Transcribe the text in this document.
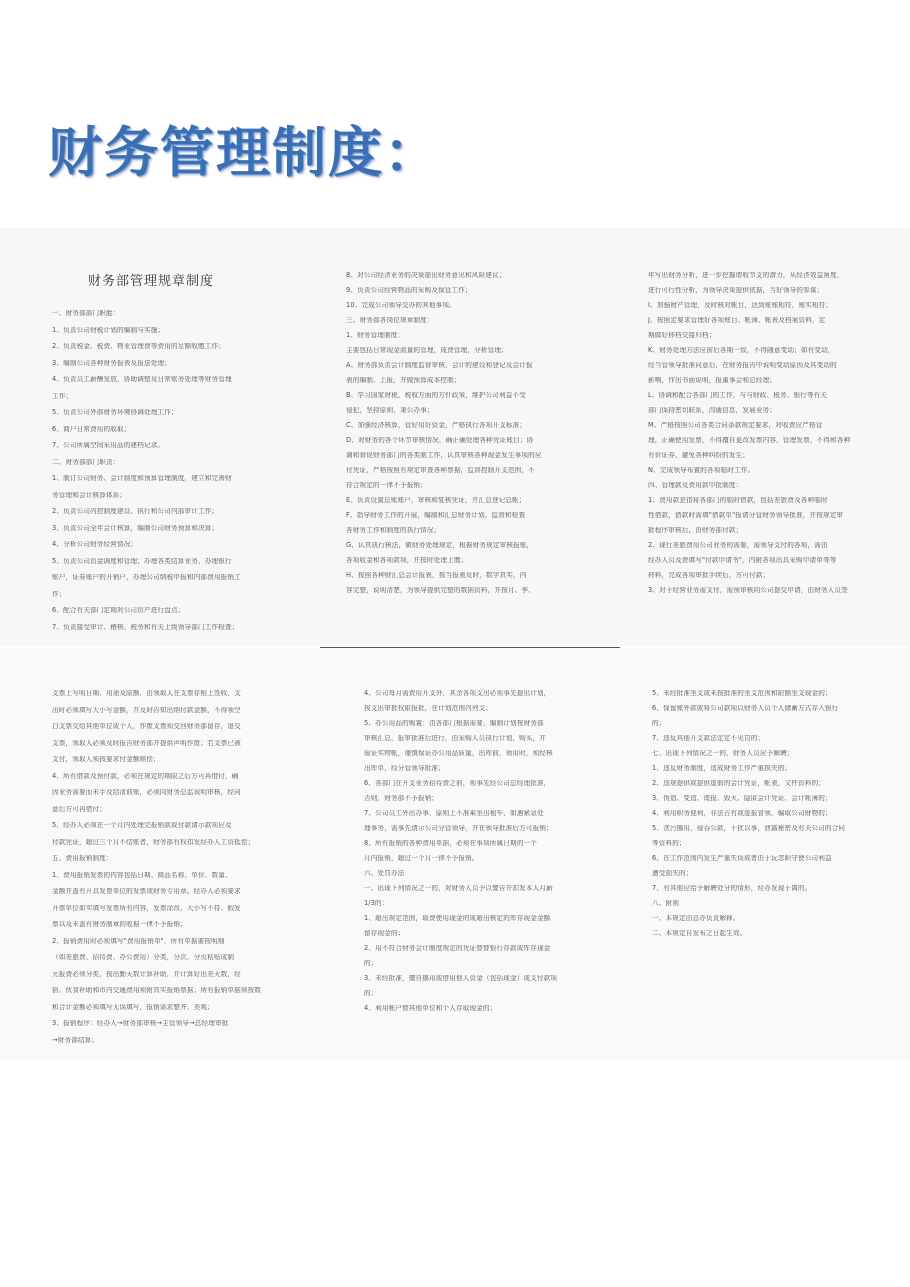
财务管理制度：
财务部管理规章制度
一、财务部部门职能：
1、负责公司财税计划的编制与实施；
2、负责税金、税费、物业管理费等费用的足额收缴工作；
3、编制公司各种财务报表及报送处理；
4、负责员工薪酬发放，协助调整及日常账务处理等财务管理
工作；
5、负责公司外部财务环境协调处理工作；
6、商户日常费用的收取；
7、公司所属空间采用品的建档记录。
二、财务部部门职责：
1、制订公司财务、会计制度和预算管理制度，建立和完善财
务管理和会计核算体系；
2、负责公司内控制度建设、执行和公司内部审计工作；
3、负责公司全年会计核算，编制公司财务预算和决算；
4、分析公司财务经营情况；
5、负责公司资金调度和管理；办理各类结算业务，办理银行
账户，证券账户的开销户，办理公司纳税申报和内部费用报销工
作；
6、配合有关部门定期对公司资产进行盘点；
7、负责接受审计、稽核、税务和有关上级领导部门工作检查；
8、对公司经济业务的决策提出财务意见和风险建议；
9、负责公司经营物品的采购及保管工作；
10、完成公司领导交办的其他事项。
三、财务部各岗位规章制度：
1、财务管理制度：
主要包括日常现金流量的管理，成费管理，分析管理；
A、财务部负责会计制度监督审核，会计的建设和登记及会计报
表的编制、上报，并做预算成本控制；
B、学习国家财税，税收方面的方针政策，维护公司利益不受
侵犯，坚持原则，秉公办事；
C、加强经济核算，管好用好资金，严格执行各项开支标准；
D、对财务的各个环节审核情况，确正确处理各种凭证账目；协
调和督促财务部门的各类制工作，认真审核各种现金发生事项的应
付凭证，严格按照有规定审查各种票据，监督控制开支范围，不
符合规定的一律不予报销；
E、负责设置总账账户，审核和复核凭证，并汇总登记总帐；
F、指导财务工作的开展，编制和汇总财务计划，监督和检查
各财务工作和制度的执行情况；
G、认真执行核法，做财务处理规定，根据财务规定审核报账，
各项收金和各项款项，并按时处理上缴；
H、按照各种财汇总会计报表，按当报表及时，数字真实，内
容完整，说明清楚，为领导提供完整的数据资料，并按月、季、
年写出财务分析，进一步挖掘增收节支的潜力，从经济效益角度，
进行可行性分析，为领导决策提供依据，当好领导的参谋；
I、加强财产管理，及时核对帐目，达到账账相符，账实相符；
J、按照定要求管理好各项账目、帐簿、帐表及档案资料，定
期做好移档交接归档；
K、财务处理方法应前后各期一致，不得随意变动；如有变动，
经当管领导批准同意后，在财务报告中说明变动原因及其变动的
影响，作出书面说明，报董事会和总经理；
L、协调和配合各部门的工作，与与财政、税务、银行等有关
部门保持密切联系，沟通信息，发展业务；
M、严格按照公司各类合同条款规定要求，对收费应严格管
理，正确使用发票，不得擅自更改发票内容，管理发票，不得和各种
有价证券，避免各种纠纷的发生；
N、完成领导布置的各项临时工作。
四、管理款及费用款申批制度：
1、费用款是指将各部门的临时借款，包括差旅费及各种临时
性借款，借款时需填"借款单"报请分管财务领导批准，并按规定审
批程序审核后，由财务部付款；
2、现行差旅费用公司业务的需要，需领导支付的各项，需由
经办人员及费填写"付款申请书"，内附各项出具采购申请单等等
材料，完成各项审批手续后，方可付款；
3、对于经营业务需支付，需预审核向公司提交申请，由财务人员签
支票上写明日期、用途及限额，由领取人在支票存根上签收，支
出时必须填写大小写金额，并及时告知出纳付款金额，不得领空
白支票交给其他单位或个人，作废支票须交回财务部留存，退交
支票，领取人必须及时报告财务部并提供声明作废；若支票已被
支付，领取人须按要求付金额赔偿；
4、所有借款及预付款，必须在规定的期限之后方可再借付，确
因业务需要而未手及结清前账，必须向财务总监说明审核，经同
意后方可再借付；
5、经办人必须在一个月内处理完报销款或付款请示款项应及
付款凭证，超过三个月不结账者，财务部有权扣发经办人工资抵偿；
五、费用报销制度：
1、费用报销发票的内容包括日期、商品名称、单价、数量、
金额并盖有开具发票单位的发票或财务专用章。经办人必须要求
开票单位如实填写发票所有内容，发票涂改、大小写不符、假发
票以及未盖有财务制章的收据一律不予报销；
2、报销费用时必须填写"费用报销单"，所有单据要按明细
（如差旅费、招待费、办公费用）分类，分次，分页粘贴成制
元报费必须分类，按出勤天数计算补助，并计算好出差天数，经
宿、伙食补助和市内交通费用须附真实报销票据；所有报销单据须按数
和合计金额必须填写无误填写，报销需求整齐，美观；
3、报销程序：经办人→财务部审核→主管领导→总经理审批
→财务部结算；
4、公司每月需费用开支外，其余各项支出必须事先提出计划，
按支出审批权限报批，在计划范围内列支；
5、办公用品的购置：由各部门根据需要，编制计划按财务部
审核汇总，报审批准后进行，由采购人员执行计划，购买，并
验证实物帐，谨慎保证办公用品质量，出库前，领用时，须经核
出库单，经分管领导批准；
6、各部门在开支业务招待费之前，须事先经公司总经理批准，
否则，财务部不予报销；
7、公司员工外出办事，原则上不准乘坐出租车，如遇紧急处
理事务，需事先请示公司分管领导，并在领导批准后方可报销；
8、所有报销的各种费用单据，必须在事项所属日期的一个
月内报销，超过一个月一律不予报销。
六、处罚办法
一、出现下列情况之一的，对财务人员予以警告并扣发本人月薪
1/3的：
1、超出规定范围，取费使用现金的或超出核定的库存现金金额
留存现金的；
2、用不符合财务会计制度规定的凭证替替银行存款或库存现金
的；
3、未经批准，擅自挪用或借用他人资金（包括现金）或支付款项
的；
4、利用帐户替其他单位和个人存取现金的；
5、未经批准坐支或未按批准的坐支范围和限额坐支现金的；
6、保留账外款或将公司款项以财务人员个人储蓄方式存入银行
的；
7、违反其他开支款法定定不见罚的；
七、出现下列情况之一的，财务人员应予解聘；
1、违反财务制度，造成财务工作严重损失的；
2、违规提供或提供虚假的会计凭证，帐表，文件资料的；
3、伪造、变造、谎报、毁灭、隐匿会计凭证、会计帐簿的；
4、利用职务便利，非法占有或虚报冒领，骗取公司财物的；
5、贪污挪用，侵吞公款，干扰以事，泄露秘密及有关公司的合同
等资料的；
6、在工作范围内发生严重失误或者由于玩忽职守使公司利益
遭受损失的；
7、有其他应给予解聘处分的情形，经办发现于离的。
八、附则
一、本规定由总办负责解释。
二、本规定自发布之日起生效。
